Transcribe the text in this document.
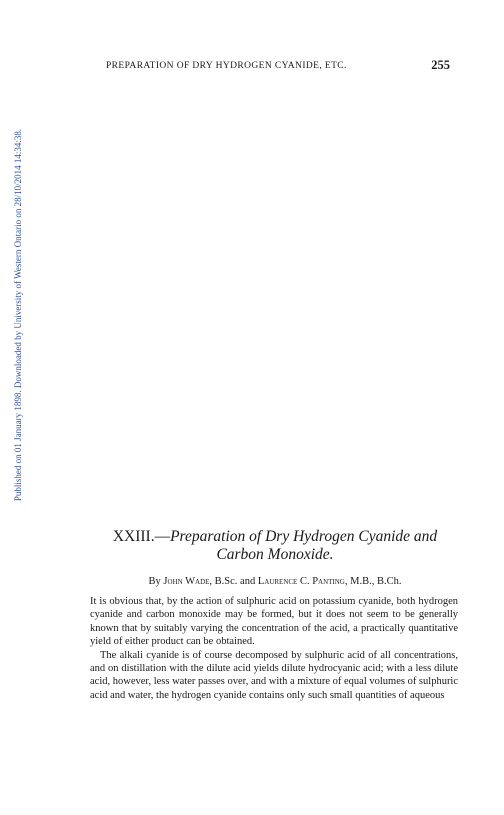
PREPARATION OF DRY HYDROGEN CYANIDE, ETC.	255
Published on 01 January 1898. Downloaded by University of Western Ontario on 28/10/2014 14:34:38.
XXIII.—Preparation of Dry Hydrogen Cyanide and Carbon Monoxide.
By John Wade, B.Sc. and Laurence C. Panting, M.B., B.Ch.

It is obvious that, by the action of sulphuric acid on potassium cyanide, both hydrogen cyanide and carbon monoxide may be formed, but it does not seem to be generally known that by suitably varying the concentration of the acid, a practically quantitative yield of either product can be obtained.

The alkali cyanide is of course decomposed by sulphuric acid of all concentrations, and on distillation with the dilute acid yields dilute hydrocyanic acid; with a less dilute acid, however, less water passes over, and with a mixture of equal volumes of sulphuric acid and water, the hydrogen cyanide contains only such small quantities of aqueous
